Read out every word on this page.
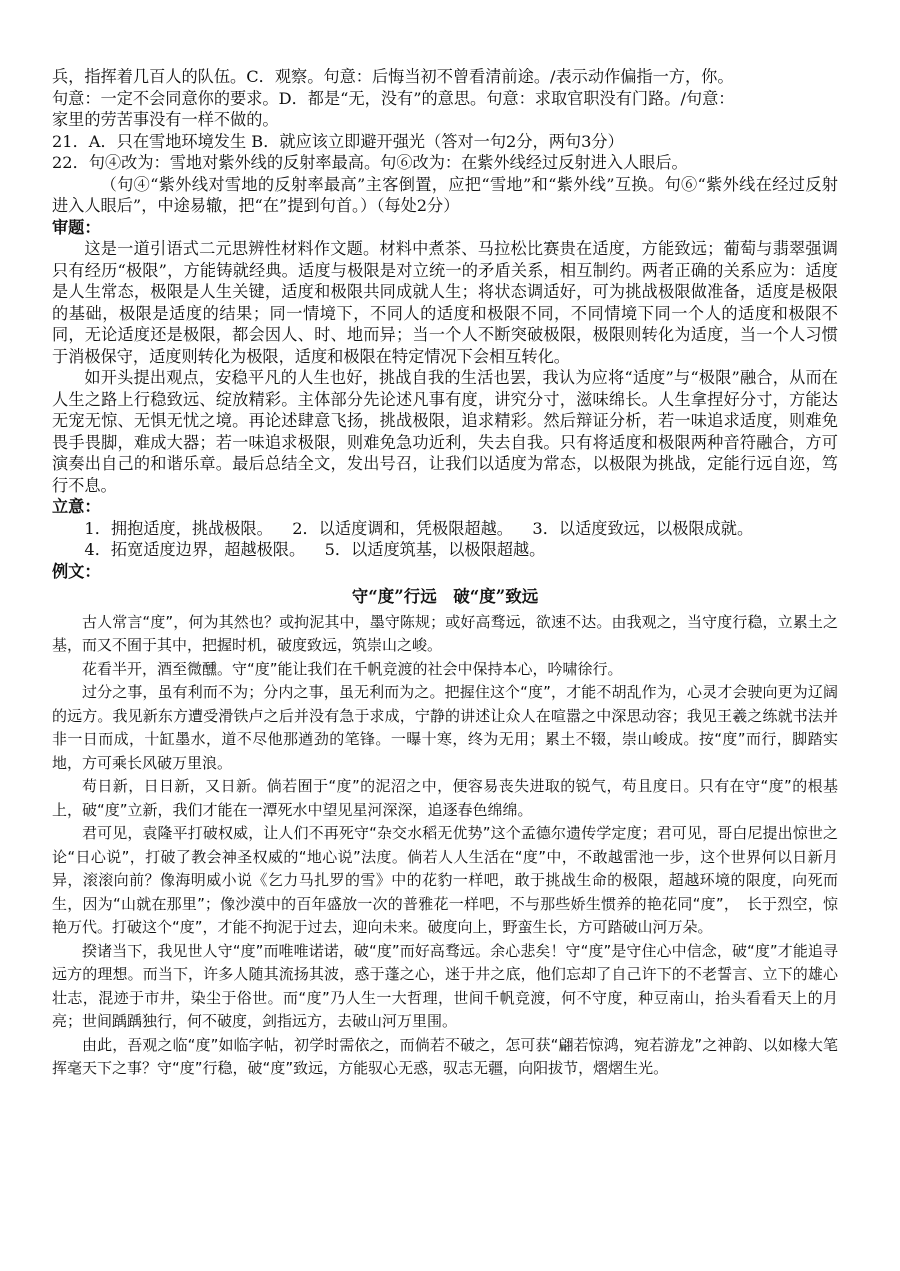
兵，指挥着几百人的队伍。C．观察。句意：后悔当初不曾看清前途。/表示动作偏指一方，你。
句意：一定不会同意你的要求。D．都是“无，没有”的意思。句意：求取官职没有门路。/句意：
家里的劳苦事没有一样不做的。

21．A．只在雪地环境发生 B．就应该立即避开强光（答对一句2分，两句3分）

22．句④改为：雪地对紫外线的反射率最高。句⑥改为：在紫外线经过反射进入人眼后。

（句④“紫外线对雪地的反射率最高”主客倒置，应把“雪地”和“紫外线”互换。句⑥“紫外线在经过反射进入人眼后”，中途易辙，把“在”提到句首。）（每处2分）

审题：

这是一道引语式二元思辨性材料作文题。材料中煮茶、马拉松比赛贵在适度，方能致远；葡萄与翡翠强调只有经历“极限”，方能铸就经典。适度与极限是对立统一的矛盾关系，相互制约。两者正确的关系应为：适度是人生常态，极限是人生关键，适度和极限共同成就人生；将状态调适好，可为挑战极限做准备，适度是极限的基础，极限是适度的结果；同一情境下，不同人的适度和极限不同，不同情境下同一个人的适度和极限不同，无论适度还是极限，都会因人、时、地而异；当一个人不断突破极限，极限则转化为适度，当一个人习惯于消极保守，适度则转化为极限，适度和极限在特定情况下会相互转化。

如开头提出观点，安稳平凡的人生也好，挑战自我的生活也罢，我认为应将“适度”与“极限”融合，从而在人生之路上行稳致远、绽放精彩。主体部分先论述凡事有度，讲究分寸，滋味绵长。人生拿捏好分寸，方能达无宠无惊、无惧无忧之境。再论述肆意飞扬，挑战极限，追求精彩。然后辩证分析，若一味追求适度，则难免畏手畏脚，难成大器；若一味追求极限，则难免急功近利，失去自我。只有将适度和极限两种音符融合，方可演奏出自己的和谐乐章。最后总结全文，发出号召，让我们以适度为常态，以极限为挑战，定能行远自迩，笃行不息。

立意：

1．拥抱适度，挑战极限。 2．以适度调和，凭极限超越。 3．以适度致远，以极限成就。
4．拓宽适度边界，超越极限。 5．以适度筑基，以极限超越。

例文：

守“度”行远　破“度”致远

古人常言“度”，何为其然也？或拘泥其中，墨守陈规；或好高骛远，欲速不达。由我观之，当守度行稳，立累土之基，而又不囿于其中，把握时机，破度致远，筑崇山之峻。

花看半开，酒至微醺。守“度”能让我们在千帆竞渡的社会中保持本心，吟啸徐行。

过分之事，虽有利而不为；分内之事，虽无利而为之。把握住这个“度”，才能不胡乱作为，心灵才会驶向更为辽阔的远方。我见新东方遭受滑铁卢之后并没有急于求成，宁静的讲述让众人在喧嚣之中深思动容；我见王羲之练就书法并非一日而成，十缸墨水，道不尽他那遒劲的笔锋。一曝十寒，终为无用；累土不辍，崇山峻成。按“度”而行，脚踏实地，方可乘长风破万里浪。

苟日新，日日新，又日新。倘若囿于“度”的泥沼之中，便容易丧失进取的锐气，苟且度日。只有在守“度”的根基上，破“度”立新，我们才能在一潭死水中望见星河深深，追逐春色绵绵。

君可见，袁隆平打破权威，让人们不再死守“杂交水稻无优势”这个孟德尔遗传学定度；君可见，哥白尼提出惊世之论“日心说”，打破了教会神圣权威的“地心说”法度。倘若人人生活在“度”中，不敢越雷池一步，这个世界何以日新月异，滚滚向前？像海明威小说《乞力马扎罗的雪》中的花豹一样吧，敢于挑战生命的极限，超越环境的限度，向死而生，因为“山就在那里”；像沙漠中的百年盛放一次的普雅花一样吧，不与那些娇生惯养的艳花同“度”，　长于烈空，惊艳万代。打破这个“度”，才能不拘泥于过去，迎向未来。破度向上，野蛮生长，方可踏破山河万朵。

揆诸当下，我见世人守“度”而唯唯诺诺，破“度”而好高骛远。余心悲矣！守“度”是守住心中信念，破“度”才能追寻远方的理想。而当下，许多人随其流扬其波，惑于蓬之心，迷于井之底，他们忘却了自己许下的不老誓言、立下的雄心壮志，混迹于市井，染尘于俗世。而“度”乃人生一大哲理，世间千帆竞渡，何不守度，种豆南山，抬头看看天上的月亮；世间踽踽独行，何不破度，剑指远方，去破山河万里围。

由此，吾观之临“度”如临字帖，初学时需依之，而倘若不破之，怎可获“翩若惊鸿，宛若游龙”之神韵、以如椽大笔挥毫天下之事？守“度”行稳，破“度”致远，方能驭心无惑，驭志无疆，向阳拔节，熠熠生光。
